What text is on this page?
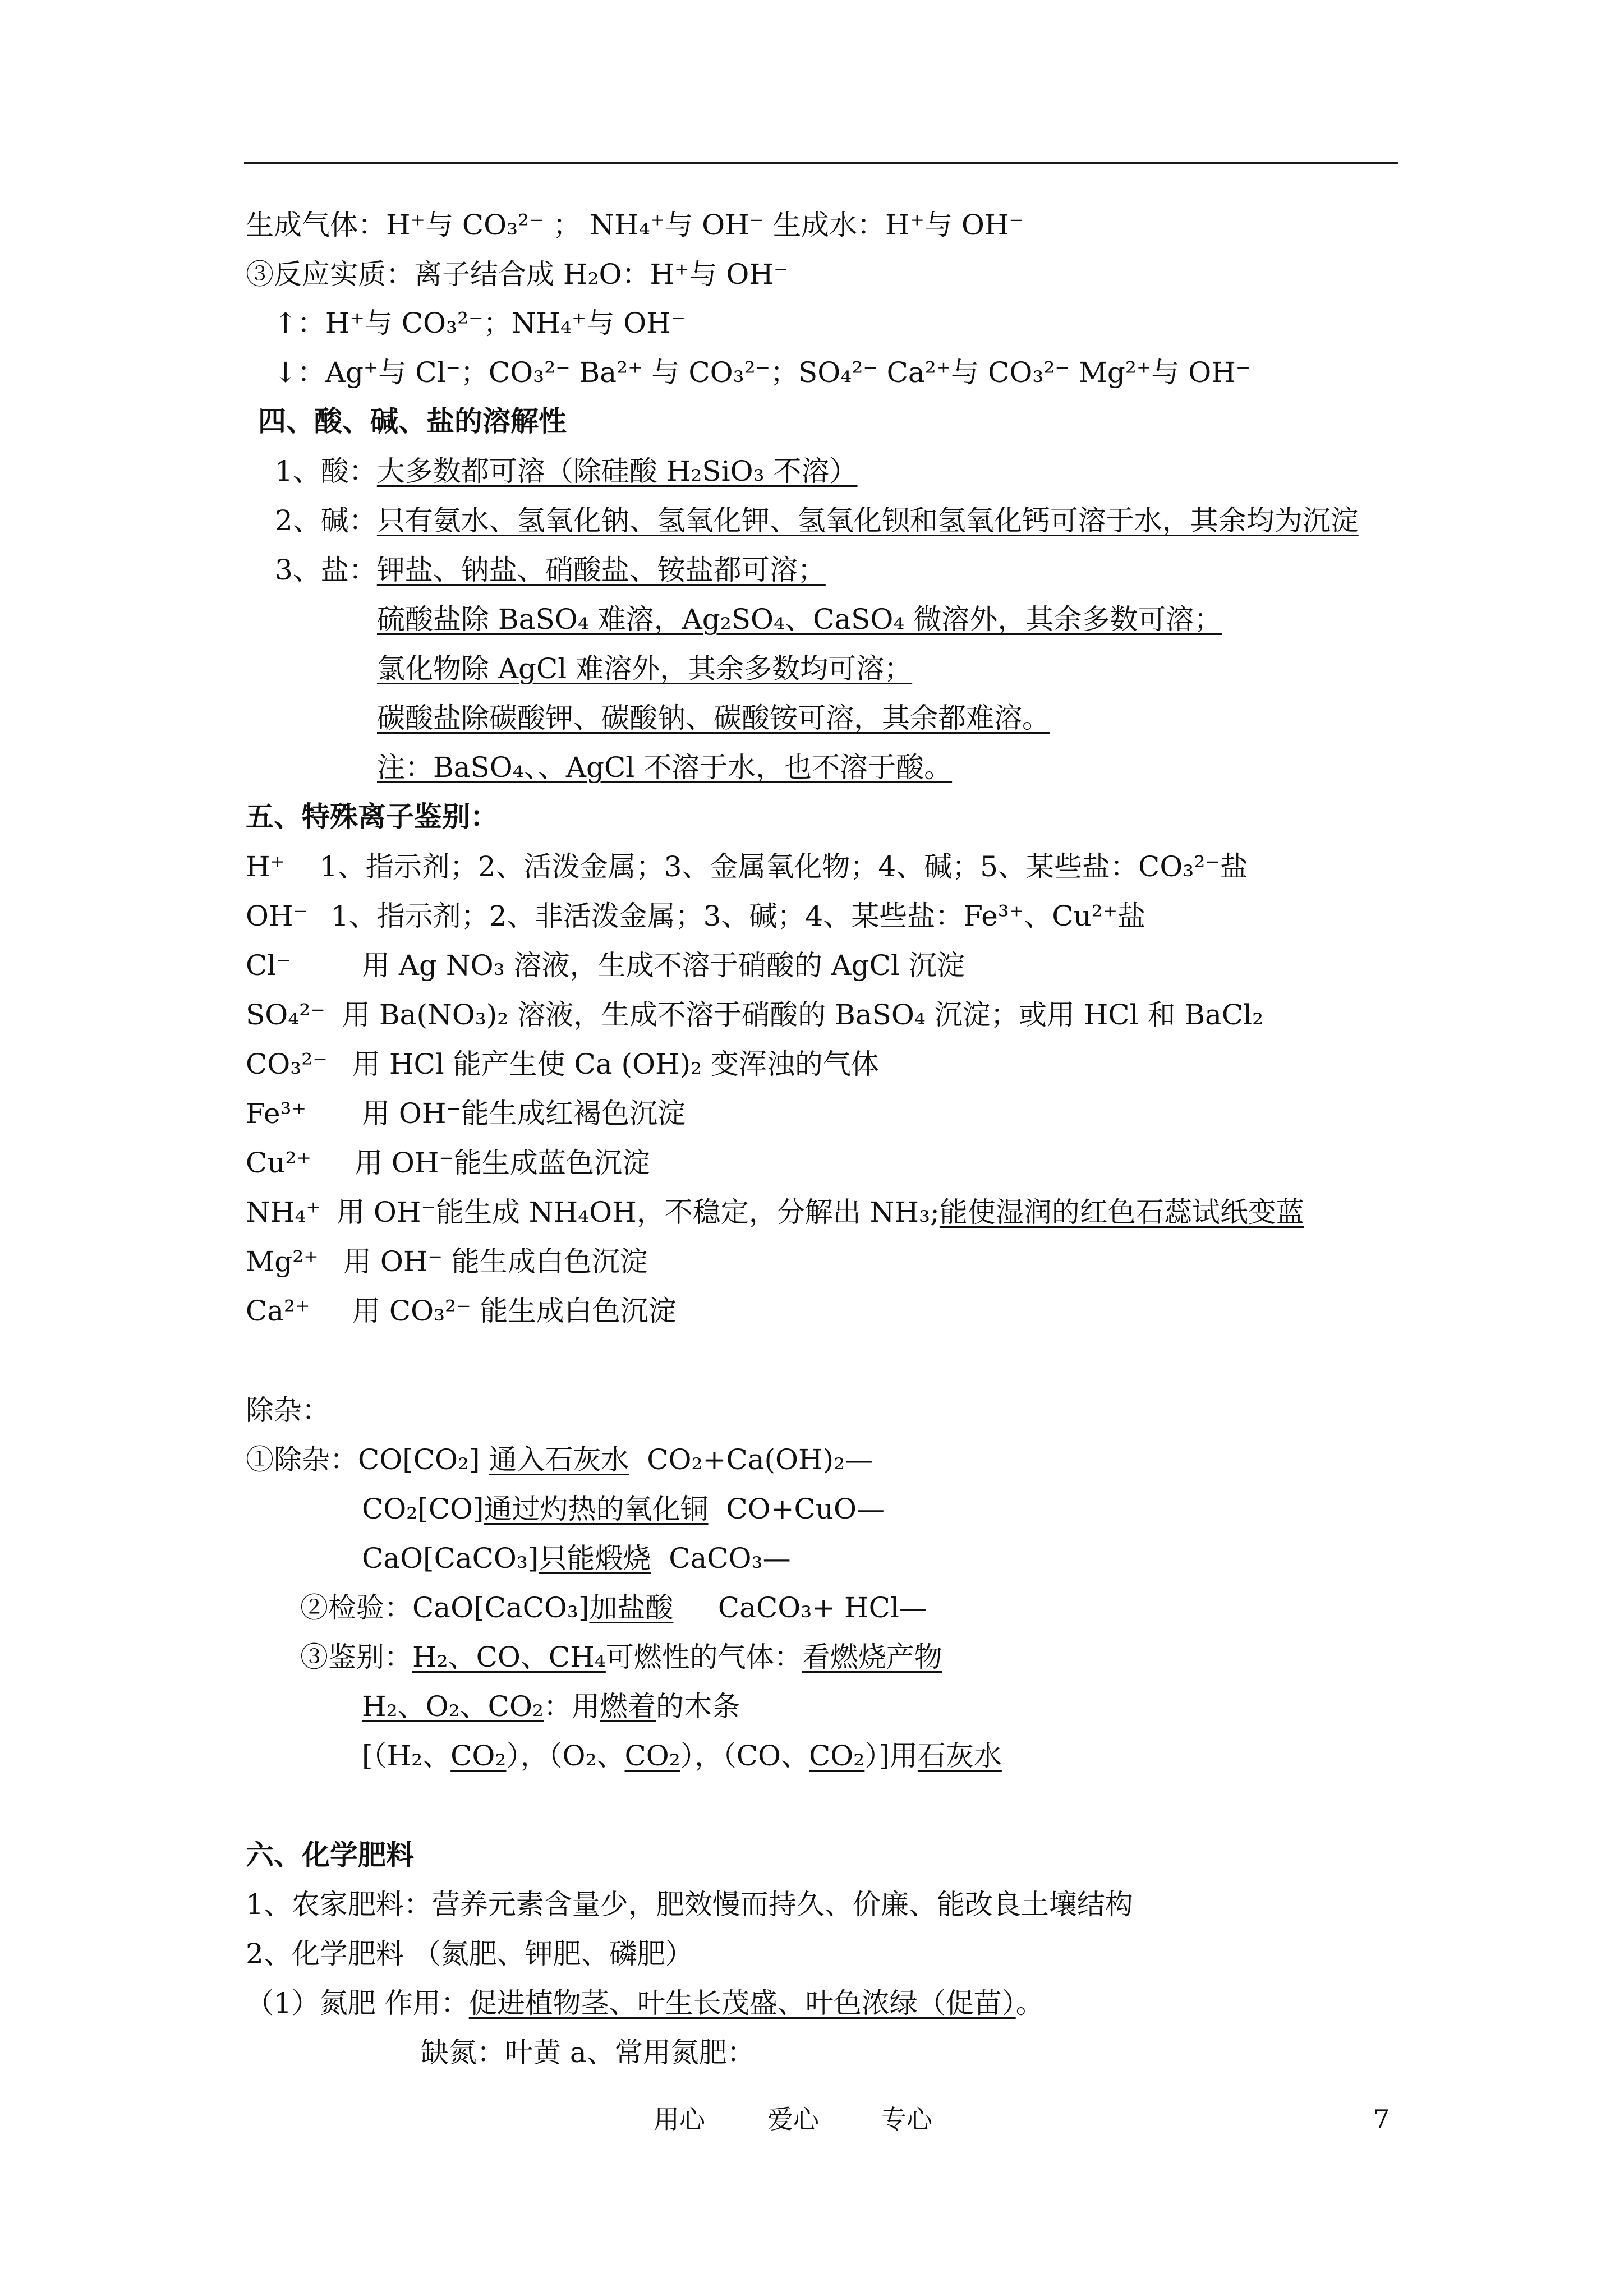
生成气体：H⁺与 CO₃²⁻ ； NH₄⁺与 OH⁻ 生成水：H⁺与 OH⁻
③反应实质：离子结合成 H₂O：H⁺与 OH⁻
↑：H⁺与 CO₃²⁻；NH₄⁺与 OH⁻
↓：Ag⁺与 Cl⁻；CO₃²⁻ Ba²⁺ 与 CO₃²⁻；SO₄²⁻ Ca²⁺与 CO₃²⁻ Mg²⁺与 OH⁻
四、酸、碱、盐的溶解性
1、酸：大多数都可溶（除硅酸 H₂SiO₃ 不溶）
2、碱：只有氨水、氢氧化钠、氢氧化钾、氢氧化钡和氢氧化钙可溶于水，其余均为沉淀
3、盐：钾盐、钠盐、硝酸盐、铵盐都可溶；
硫酸盐除 BaSO₄ 难溶，Ag₂SO₄、CaSO₄ 微溶外，其余多数可溶；
氯化物除 AgCl 难溶外，其余多数均可溶；
碳酸盐除碳酸钾、碳酸钠、碳酸铵可溶，其余都难溶。
注：BaSO₄、、AgCl 不溶于水，也不溶于酸。
五、特殊离子鉴别：
H⁺ 1、指示剂；2、活泼金属；3、金属氧化物；4、碱；5、某些盐：CO₃²⁻盐
OH⁻ 1、指示剂；2、非活泼金属；3、碱；4、某些盐：Fe³⁺、Cu²⁺盐
Cl⁻	用 Ag NO₃ 溶液，生成不溶于硝酸的 AgCl 沉淀
SO₄²⁻ 用 Ba(NO₃)₂ 溶液，生成不溶于硝酸的 BaSO₄ 沉淀；或用 HCl 和 BaCl₂
CO₃²⁻ 用 HCl 能产生使 Ca (OH)₂ 变浑浊的气体
Fe³⁺ 用 OH⁻能生成红褐色沉淀
Cu²⁺ 用 OH⁻能生成蓝色沉淀
NH₄⁺ 用 OH⁻能生成 NH₄OH，不稳定，分解出 NH₃;能使湿润的红色石蕊试纸变蓝
Mg²⁺ 用 OH⁻ 能生成白色沉淀
Ca²⁺ 用 CO₃²⁻ 能生成白色沉淀
除杂：
①除杂：CO[CO₂] 通入石灰水 CO₂+Ca(OH)₂—
CO₂[CO]通过灼热的氧化铜 CO+CuO—
CaO[CaCO₃]只能煅烧 CaCO₃—
②检验：CaO[CaCO₃]加盐酸 CaCO₃+ HCl—
③鉴别：H₂、CO、CH₄可燃性的气体：看燃烧产物
H₂、O₂、CO₂：用燃着的木条
[（H₂、CO₂），（O₂、CO₂），（CO、CO₂）]用石灰水
六、化学肥料
1、农家肥料：营养元素含量少，肥效慢而持久、价廉、能改良土壤结构
2、化学肥料 （氮肥、钾肥、磷肥）
（1）氮肥 作用：促进植物茎、叶生长茂盛、叶色浓绿（促苗）。
缺氮：叶黄 a、常用氮肥：
用心 爱心 专心	7
